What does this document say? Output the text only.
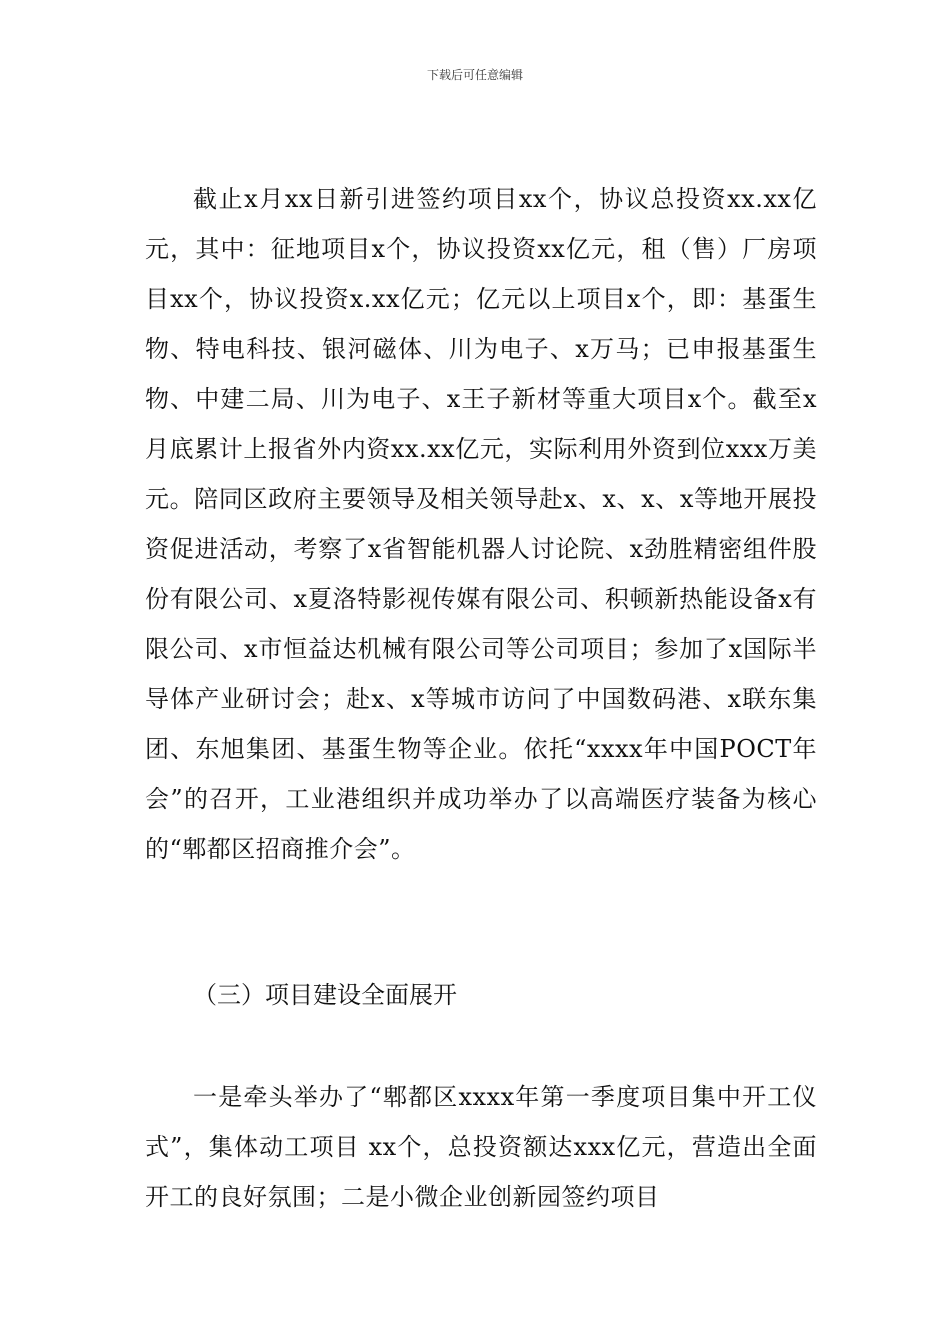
下载后可任意编辑

截止x月xx日新引进签约项目xx个，协议总投资xx.xx亿元，其中：征地项目x个，协议投资xx亿元，租（售）厂房项目xx个，协议投资x.xx亿元；亿元以上项目x个，即：基蛋生物、特电科技、银河磁体、川为电子、x万马；已申报基蛋生物、中建二局、川为电子、x王子新材等重大项目x个。截至x月底累计上报省外内资xx.xx亿元，实际利用外资到位xxx万美元。陪同区政府主要领导及相关领导赴x、x、x、x等地开展投资促进活动，考察了x省智能机器人讨论院、x劲胜精密组件股份有限公司、x夏洛特影视传媒有限公司、积顿新热能设备x有限公司、x市恒益达机械有限公司等公司项目；参加了x国际半导体产业研讨会；赴x、x等城市访问了中国数码港、x联东集团、东旭集团、基蛋生物等企业。依托“xxxx年中国POCT年会”的召开，工业港组织并成功举办了以高端医疗装备为核心的“郫都区招商推介会”。

（三）项目建设全面展开

一是牵头举办了“郫都区xxxx年第一季度项目集中开工仪式”，集体动工项目 xx个，总投资额达xxx亿元，营造出全面开工的良好氛围；二是小微企业创新园签约项目
